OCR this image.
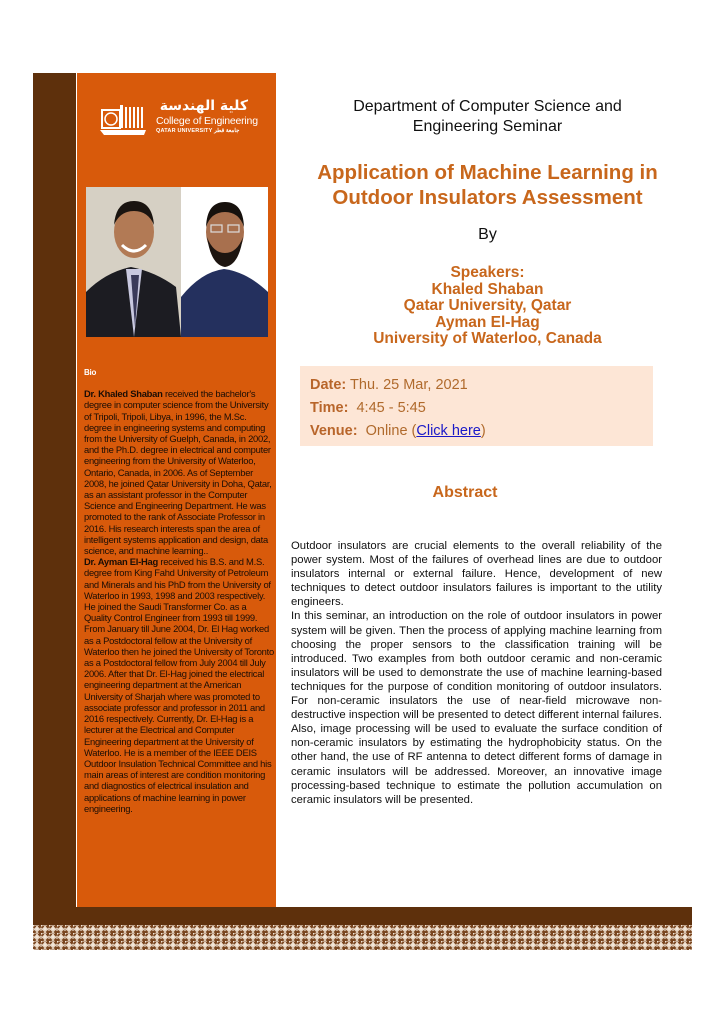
كلية الهندسة
College of Engineering
QATAR UNIVERSITY جامعة قطر
Bio

Dr. Khaled Shaban received the bachelor's degree in computer science from the University of Tripoli, Tripoli, Libya, in 1996, the M.Sc. degree in engineering systems and computing from the University of Guelph, Canada, in 2002, and the Ph.D. degree in electrical and computer engineering from the University of Waterloo, Ontario, Canada, in 2006. As of September 2008, he joined Qatar University in Doha, Qatar, as an assistant professor in the Computer Science and Engineering Department. He was promoted to the rank of Associate Professor in 2016. His research interests span the area of intelligent systems application and design, data science, and machine learning..

Dr. Ayman El-Hag received his B.S. and M.S. degree from King Fahd University of Petroleum and Minerals and his PhD from the University of Waterloo in 1993, 1998 and 2003 respectively. He joined the Saudi Transformer Co. as a Quality Control Engineer from 1993 till 1999. From January till June 2004, Dr. El Hag worked as a Postdoctoral fellow at the University of Waterloo then he joined the University of Toronto as a Postdoctoral fellow from July 2004 till July 2006. After that Dr. El-Hag joined the electrical engineering department at the American University of Sharjah where was promoted to associate professor and professor in 2011 and 2016 respectively. Currently, Dr. El-Hag is a lecturer at the Electrical and Computer Engineering department at the University of Waterloo. He is a member of the IEEE DEIS Outdoor Insulation Technical Committee and his main areas of interest are condition monitoring and diagnostics of electrical insulation and applications of machine learning in power engineering.

Department of Computer Science and
Engineering Seminar
Application of Machine Learning in
Outdoor Insulators Assessment
By
Speakers:
Khaled Shaban
Qatar University, Qatar
Ayman El-Hag
University of Waterloo, Canada
Date: Thu. 25 Mar, 2021
Time:  4:45 - 5:45
Venue:  Online (Click here)
Abstract

Outdoor insulators are crucial elements to the overall reliability of the power system. Most of the failures of overhead lines are due to outdoor insulators internal or external failure. Hence, development of new techniques to detect outdoor insulators failures is important to the utility engineers.

In this seminar, an introduction on the role of outdoor insulators in power system will be given. Then the process of applying machine learning from choosing the proper sensors to the classification training will be introduced. Two examples from both outdoor ceramic and non-ceramic insulators will be used to demonstrate the use of machine learning-based techniques for the purpose of condition monitoring of outdoor insulators. For non-ceramic insulators the use of near-field microwave non-destructive inspection will be presented to detect different internal failures. Also, image processing will be used to evaluate the surface condition of non-ceramic insulators by estimating the hydrophobicity status. On the other hand, the use of RF antenna to detect different forms of damage in ceramic insulators will be addressed. Moreover, an innovative image processing-based technique to estimate the pollution accumulation on ceramic insulators will be presented.
